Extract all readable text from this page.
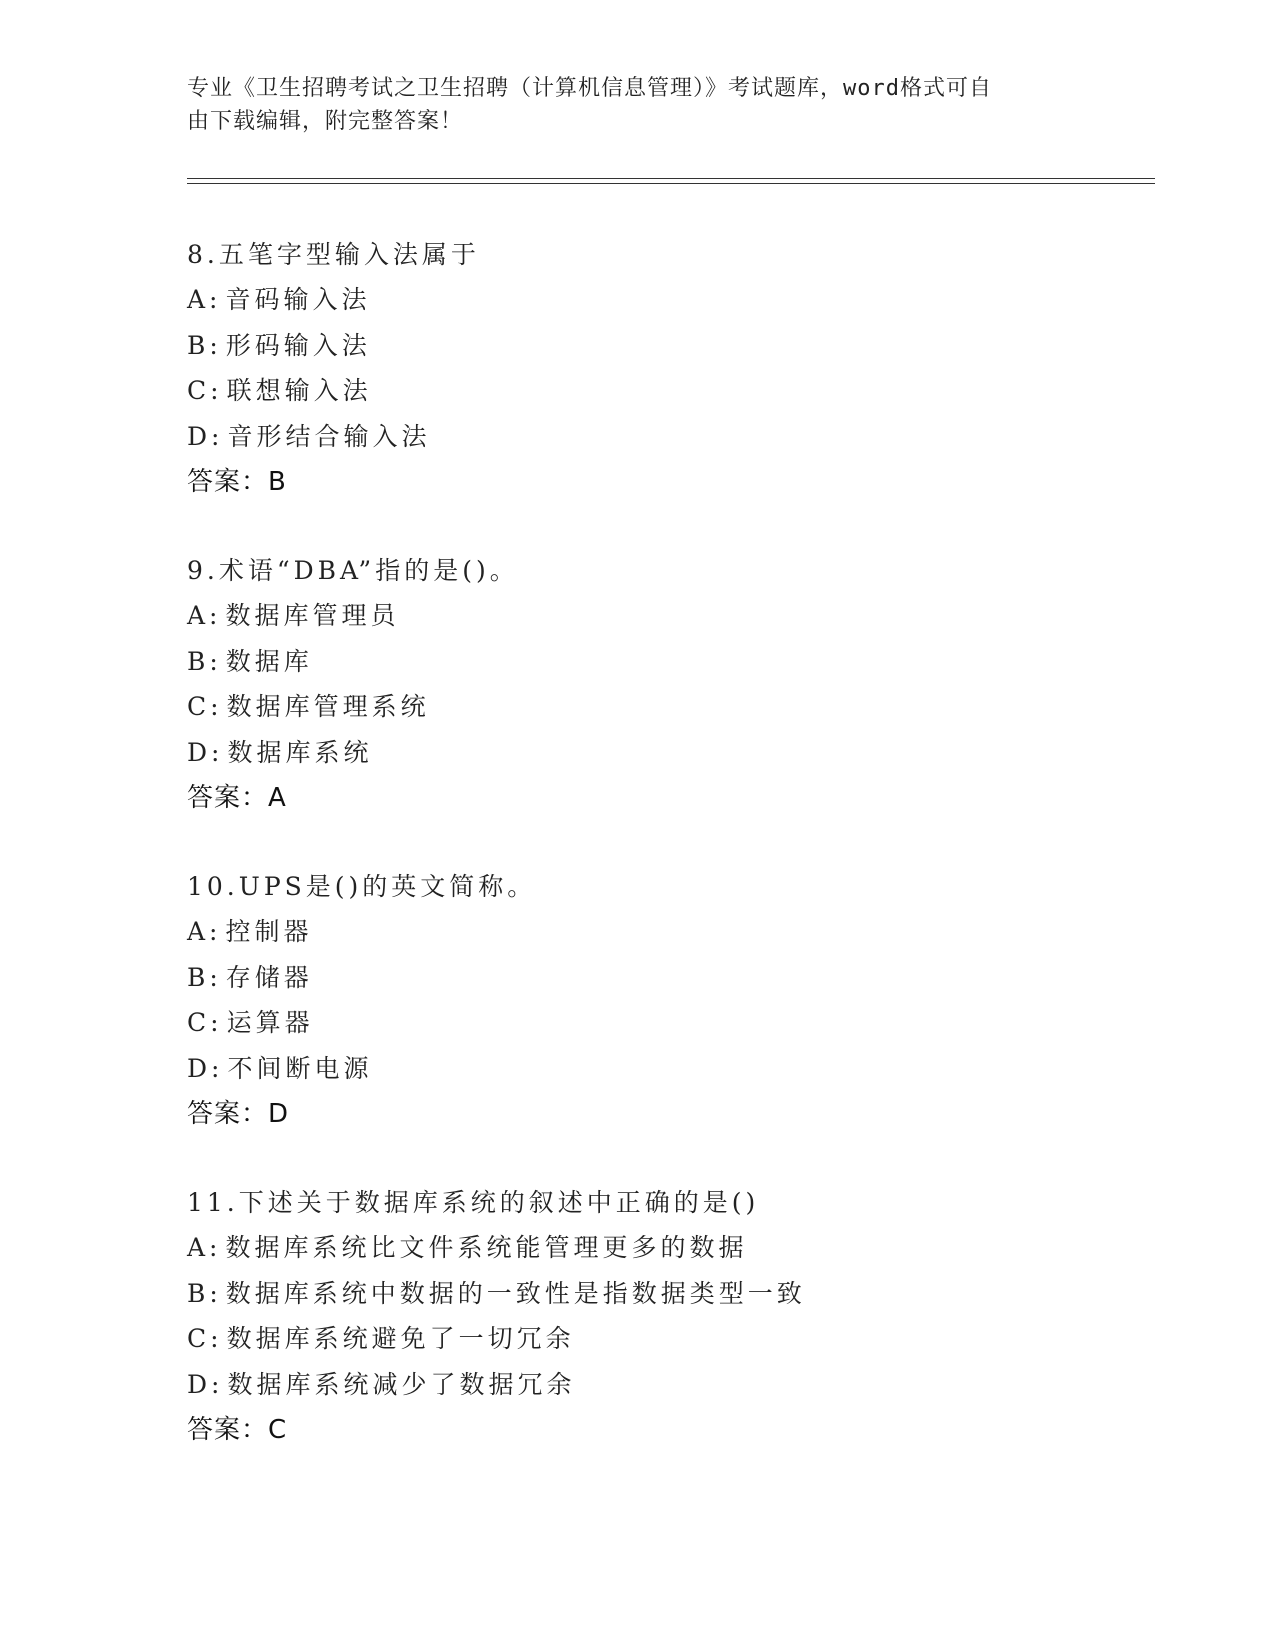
专业《卫生招聘考试之卫生招聘（计算机信息管理）》考试题库，word格式可自
由下载编辑，附完整答案！
8.五笔字型输入法属于
A: 音码输入法
B: 形码输入法
C: 联想输入法
D: 音形结合输入法
答案：B
9.术语“DBA”指的是()。
A: 数据库管理员
B: 数据库
C: 数据库管理系统
D: 数据库系统
答案：A
10.UPS是()的英文简称。
A: 控制器
B: 存储器
C: 运算器
D: 不间断电源
答案：D
11.下述关于数据库系统的叙述中正确的是()
A: 数据库系统比文件系统能管理更多的数据
B: 数据库系统中数据的一致性是指数据类型一致
C: 数据库系统避免了一切冗余
D: 数据库系统减少了数据冗余
答案：C
